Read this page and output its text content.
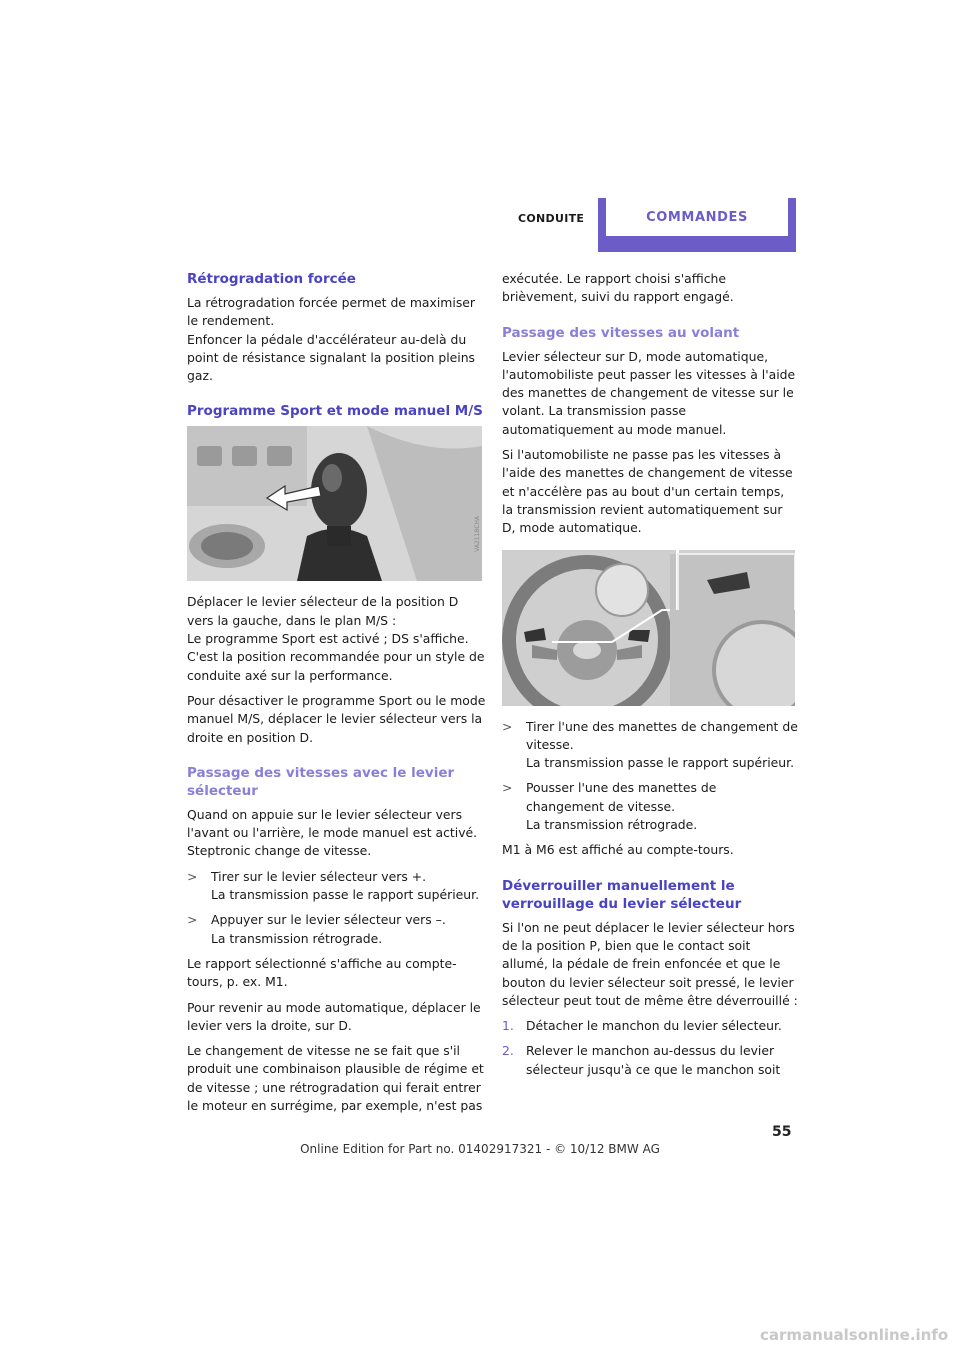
CONDUITE	COMMANDES
Rétrogradation forcée

La rétrogradation forcée permet de maximiser le rendement.

Enfoncer la pédale d'accélérateur au-delà du point de résistance signalant la position pleins gaz.

Programme Sport et mode manuel M/S
VA2118CHA

Déplacer le levier sélecteur de la position D vers la gauche, dans le plan M/S :

Le programme Sport est activé ; DS s'affiche.

C'est la position recommandée pour un style de conduite axé sur la performance.

Pour désactiver le programme Sport ou le mode manuel M/S, déplacer le levier sélecteur vers la droite en position D.

Passage des vitesses avec le levier sélecteur

Quand on appuie sur le levier sélecteur vers l'avant ou l'arrière, le mode manuel est activé. Steptronic change de vitesse.

>	Tirer sur le levier sélecteur vers +.
La transmission passe le rapport supérieur.
>	Appuyer sur le levier sélecteur vers –.
La transmission rétrograde.

Le rapport sélectionné s'affiche au compte-tours, p. ex. M1.

Pour revenir au mode automatique, déplacer le levier vers la droite, sur D.

Le changement de vitesse ne se fait que s'il produit une combinaison plausible de régime et de vitesse ; une rétrogradation qui ferait entrer le moteur en surrégime, par exemple, n'est pas

exécutée. Le rapport choisi s'affiche brièvement, suivi du rapport engagé.

Passage des vitesses au volant

Levier sélecteur sur D, mode automatique, l'automobiliste peut passer les vitesses à l'aide des manettes de changement de vitesse sur le volant. La transmission passe automatiquement au mode manuel.

Si l'automobiliste ne passe pas les vitesses à l'aide des manettes de changement de vitesse et n'accélère pas au bout d'un certain temps, la transmission revient automatiquement sur D, mode automatique.

>	Tirer l'une des manettes de changement de vitesse.
La transmission passe le rapport supérieur.
>	Pousser l'une des manettes de changement de vitesse.
La transmission rétrograde.

M1 à M6 est affiché au compte-tours.

Déverrouiller manuellement le verrouillage du levier sélecteur

Si l'on ne peut déplacer le levier sélecteur hors de la position P, bien que le contact soit allumé, la pédale de frein enfoncée et que le bouton du levier sélecteur soit pressé, le levier sélecteur peut tout de même être déverrouillé :

1. Détacher le manchon du levier sélecteur.
2. Relever le manchon au-dessus du levier sélecteur jusqu'à ce que le manchon soit
55
Online Edition for Part no. 01402917321 - © 10/12 BMW AG
carmanualsonline.info
